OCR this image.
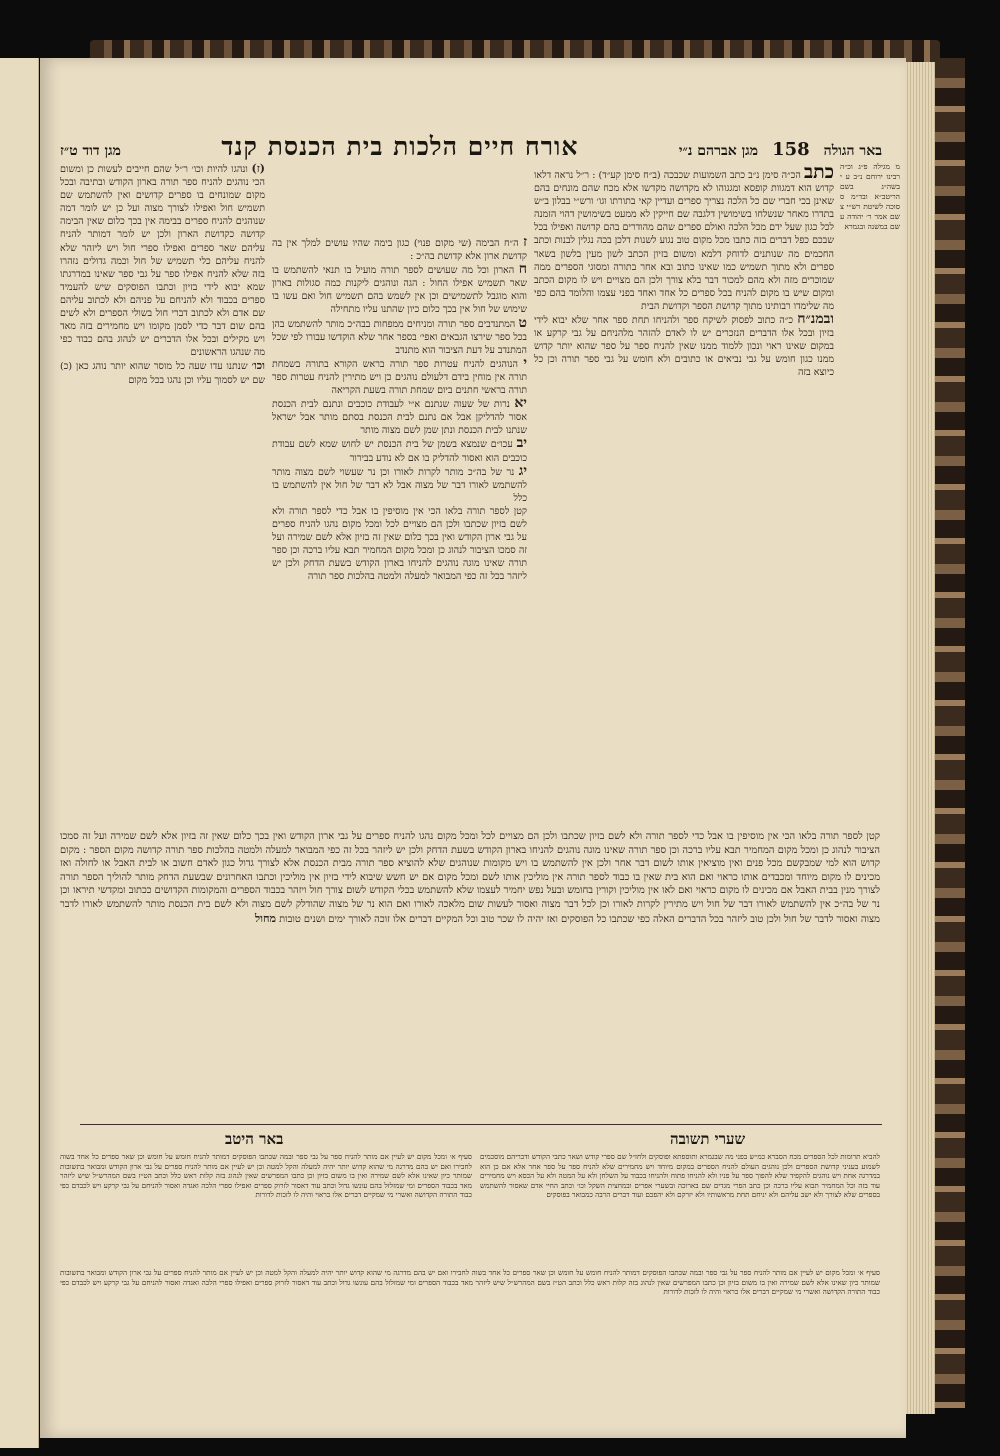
באר הגולה
158
מגן אברהם נ״י
אורח חיים הלכות בית הכנסת קנד
מגן דוד ט״ז
מ מגילה פ״ג וכ״ה רבינו ירוחם נ״ב ע י בשה״ג בשם הריטב״א ובד״מ ס סוכה לשיטת רש״י צ שם אמר ר׳ יהודה ע שם במשנה ובגמרא
כתב הכ״ה סימן נ״ב כתב השמועות שכבכה (ב״ח סימן קע״ד) : ר״ל נראה דלאו קדוש הוא דמגוות קופסא ומגגוהו לא מקדושה מקדשו אלא מכח שהם מונחים בהם שאינן בכי חברי שם כל הלכה נצריך ספרים ועדיין קאי בתורתו וגו׳ ורש״י בבלון ב״ש בתדרו מאחר שנשלחו בשימושין דלגבה שם חייקין לא ממעט בשימושין דהוי הזמנה לכל כגון שעל ידם מכל הלכה ואולם ספרים שהם מהודרים בהם קדושה ואפילו בכל שבכם כפל דברים בזה כתבו מכל מקום טוב נגוע לשנות דלכן בכה נגלין לבנות וכתב החכמים מה שנותנים לדוחק דלמא ומשום בזיון הכתב לשון מעין בלשון בשאר ספרים ולא מתוך תשמיש כמו שאינו כתוב ובא אחר בתורה ומסוגי הספרים ממה שמוכרים מזה ולא מהם למכור דבר בלא צורך ולכן הם מצויים ויש לו מקום הכתב ומקום שיש בו מקום להניח בכל ספרים כל אחד ואחד בפני עצמו והלומד בהם כפי מה שלימדו רבותינו מתוך קדושת הספר וקדושת הבית
ובמנ״ח כ״ה כתוב לפסוק לשיקח ספר ולהניחו תחת ספר אחר שלא יבוא לידי בזיון ובכל אלו הדברים הנזכרים יש לו לאדם להזהר מלהניחם על גבי קרקע או במקום שאינו ראוי ונכון ללמוד ממנו שאין להניח ספר על ספר שהוא יותר קדוש ממנו כגון חומש על גבי נביאים או כתובים ולא חומש על גבי ספר תורה וכן כל כיוצא בזה
ז ה״ח הבימה (שי מקום פנוי) כגון בימה שהיו עושים למלך אין בה קדושת ארון אלא קדושת בה״כ :
ח הארון וכל מה שעושים לספר תורה מועיל בו תנאי להשתמש בו שאר תשמיש אפילו החול : הגה ונוהגים ליקנות כמה סגולות בארון והוא מוגבל לתשמישים וכן אין לשמש בהם תשמיש חול ואם עשו בו שימוש של חול אין בכך כלום כיון שהתנו עליו מתחילה
ט המתנדבים ספר תורה ומניחים ממפחות בבה״כ מותר להשתמש בהן בכל ספר שירצו הגבאים ואפי׳ בספר אחר שלא הוקדשו עבורו לפי שכל המתנדב על דעת הציבור הוא מתנדב
י הנוהגים להניח עטרות ספר תורה בראש הקורא בתורה בשמחת תורה אין מוחין בידם דלעולם נוהגים כן ויש מתירין להניח עטרות ספר תורה בראשי חתנים ביום שמחת תורה בשעת הקריאה
יא נרות של שעוה שנתנם א״י לעבודת כוכבים ונתנם לבית הכנסת אסור להדליקן אבל אם נתנם לבית הכנסת בסתם מותר אבל ישראל שנתנו לבית הכנסת ונתן שמן לשם מצוה מותר
יב עכו״ם שנמצא בשמן של בית הכנסת יש לחוש שמא לשם עבודת כוכבים הוא ואסור להדליק בו אם לא נודע בבירור
יג נר של בה״כ מותר לקרות לאורו וכן נר שעשוי לשם מצוה מותר להשתמש לאורו דבר של מצוה אבל לא דבר של חול אין להשתמש בו כלל
קטן לספר תורה בלאו הכי אין מוסיפין בו אבל כדי לספר תורה ולא לשם בזיון שכתבו ולכן הם מצויים לכל ומכל מקום נהגו להניח ספרים על גבי ארון הקודש ואין בכך כלום שאין זה בזיון אלא לשם שמירה ועל זה סמכו הציבור לנהוג כן ומכל מקום המחמיר תבא עליו ברכה וכן ספר תורה שאינו מוגה נוהגים להניחו בארון הקודש בשעת הדחק ולכן יש ליזהר בכל זה כפי המבואר למעלה ולמטה בהלכות ספר תורה
(ז) ונהגו להיות וכו׳ ר״ל שהם חייבים לעשות כן ומשום הכי נוהגים להניח ספר תורה בארון הקודש ובתיבה ובכל מקום שמונחים בו ספרים קדושים ואין להשתמש שם תשמיש חול ואפילו לצורך מצוה ועל כן יש לומר דמה שנוהגים להניח ספרים בבימה אין בכך כלום שאין הבימה קדושה כקדושת הארון ולכן יש לומר דמותר להניח עליהם שאר ספרים ואפילו ספרי חול ויש ליזהר שלא להניח עליהם כלי תשמיש של חול וכמה גדולים נזהרו בזה שלא להניח אפילו ספר על גבי ספר שאינו במדרגתו שמא יבוא לידי בזיון וכתבו הפוסקים שיש להעמיד ספרים בכבוד ולא להניחם על פניהם ולא לכתוב עליהם שם אדם ולא לכתוב דברי חול בשולי הספרים ולא לשים בהם שום דבר כדי לסמן מקומו ויש מחמירים בזה מאד ויש מקילים ובכל אלו הדברים יש לנהוג בהם כבוד כפי מה שנהגו הראשונים
וכו׳ שנתנו עדו שעה כל מוסר שהוא יותר נוהג כאן (כ) שם יש לסמוך עליו וכן נהגו בכל מקום
קטן לספר תורה בלאו הכי אין מוסיפין בו אבל כדי לספר תורה ולא לשם בזיון שכתבו ולכן הם מצויים לכל ומכל מקום נהגו להניח ספרים על גבי ארון הקודש ואין בכך כלום שאין זה בזיון אלא לשם שמירה ועל זה סמכו הציבור לנהוג כן ומכל מקום המחמיר תבא עליו ברכה וכן ספר תורה שאינו מוגה נוהגים להניחו בארון הקודש בשעת הדחק ולכן יש ליזהר בכל זה כפי המבואר למעלה ולמטה בהלכות ספר תורה קדושה מקום הספר : מקום קדוש הוא למי שמבקשם מכל פנים ואין מוציאין אותו לשום דבר אחר ולכן אין להשתמש בו ויש מקומות שנוהגים שלא להוציא ספר תורה מבית הכנסת אלא לצורך גדול כגון לאדם חשוב או לבית האבל או לחולה ואז מכינים לו מקום מיוחד ומכבדים אותו כראוי ואם הוא בית שאין בו כבוד לספר תורה אין מוליכין אותו לשם ומכל מקום אם יש חשש שיבוא לידי בזיון אין מוליכין וכתבו האחרונים שבשעת הדחק מותר להוליך הספר תורה לצורך מנין בבית האבל אם מכינים לו מקום כראוי ואם לאו אין מוליכין וקורין בחומש ובעל נפש יחמיר לעצמו שלא להשתמש בכלי הקודש לשום צורך חול ויזהר בכבוד הספרים והמקומות הקדושים ככתוב ומקדשי תיראו וכן נר של בה״כ אין להשתמש לאורו דבר של חול ויש מתירין לקרות לאורו וכן לכל דבר מצוה ואסור לעשות שום מלאכה לאורו ואם הוא נר של מצוה שהודלק לשם מצוה ולא לשם בית הכנסת מותר להשתמש לאורו לדבר מצוה ואסור לדבר של חול ולכן טוב ליזהר בכל הדברים האלה כפי שכתבו כל הפוסקים ואז יהיה לו שכר טוב וכל המקיים דברים אלו זוכה לאורך ימים ושנים טובות מחול
שערי תשובה
באר היטב
להביא תרומות לכל הספרים מכח הסברא כמ״ש בפני מה שבגמרא ותוספתא ופוסקים ולחז״ל שם ספרי קודש ושאר כתבי הקודש ודבריהם מוסכמים לשמוע בעניני קדושת הספרים ולכן נוהגים העולם להניח הספרים במקום מיוחד ויש מחמירים שלא להניח ספר על ספר אחר אלא אם כן הוא במדרגה אחת ויש נוהגים להקפיד שלא להפוך ספר על פניו ולא להניחו פתוח ולהניחו בכבוד על השלחן ולא על המטה ולא על הכסא ויש מחמירים עוד בזה וכל המחמיר תבוא עליו ברכה וכן כתב הפרי מגדים שם בארוכה ובשערי אפרים ובמחצית השקל וכו׳ וכתב החיי אדם שאסור להשתמש בספרים שלא לצורך ולא ישב עליהם ולא יניחם תחת מראשותיו ולא יזרקם ולא יהפכם ועוד דברים הרבה כמבואר בפוסקים
סעיף א׳ ומכל מקום יש לעיין אם מותר להניח ספר על גבי ספר ובמה שכתבו הפוסקים דמותר להניח חומש על חומש וכן שאר ספרים כל אחד בשוה לחבירו ואם יש בהם מדרגה מי שהוא קדוש יותר יהיה למעלה והקל למטה וכן יש לעיין אם מותר להניח ספרים על גבי ארון הקודש ומבואר בתשובות שמותר כיון שאינו אלא לשם שמירה ואין בו משום בזיון וכן כתבו המפרשים שאין לנהוג בזה קלות ראש כלל וכתב הט״ז בשם המהרש״ל שיש ליזהר מאד בכבוד הספרים ומי שמזלזל בהם עונשו גדול וכתב עוד דאסור לזרוק ספרים ואפילו ספרי הלכה ואגדה ואסור להניחם על גבי קרקע ויש לכבדם כפי כבוד התורה הקדושה ואשרי מי שמקיים דברים אלו כראוי והיה לו לזכות לדורות
סעיף א׳ ומכל מקום יש לעיין אם מותר להניח ספר על גבי ספר ובמה שכתבו הפוסקים דמותר להניח חומש על חומש וכן שאר ספרים כל אחד בשוה לחבירו ואם יש בהם מדרגה מי שהוא קדוש יותר יהיה למעלה והקל למטה וכן יש לעיין אם מותר להניח ספרים על גבי ארון הקודש ומבואר בתשובות שמותר כיון שאינו אלא לשם שמירה ואין בו משום בזיון וכן כתבו המפרשים שאין לנהוג בזה קלות ראש כלל וכתב הט״ז בשם המהרש״ל שיש ליזהר מאד בכבוד הספרים ומי שמזלזל בהם עונשו גדול וכתב עוד דאסור לזרוק ספרים ואפילו ספרי הלכה ואגדה ואסור להניחם על גבי קרקע ויש לכבדם כפי כבוד התורה הקדושה ואשרי מי שמקיים דברים אלו כראוי והיה לו לזכות לדורות
